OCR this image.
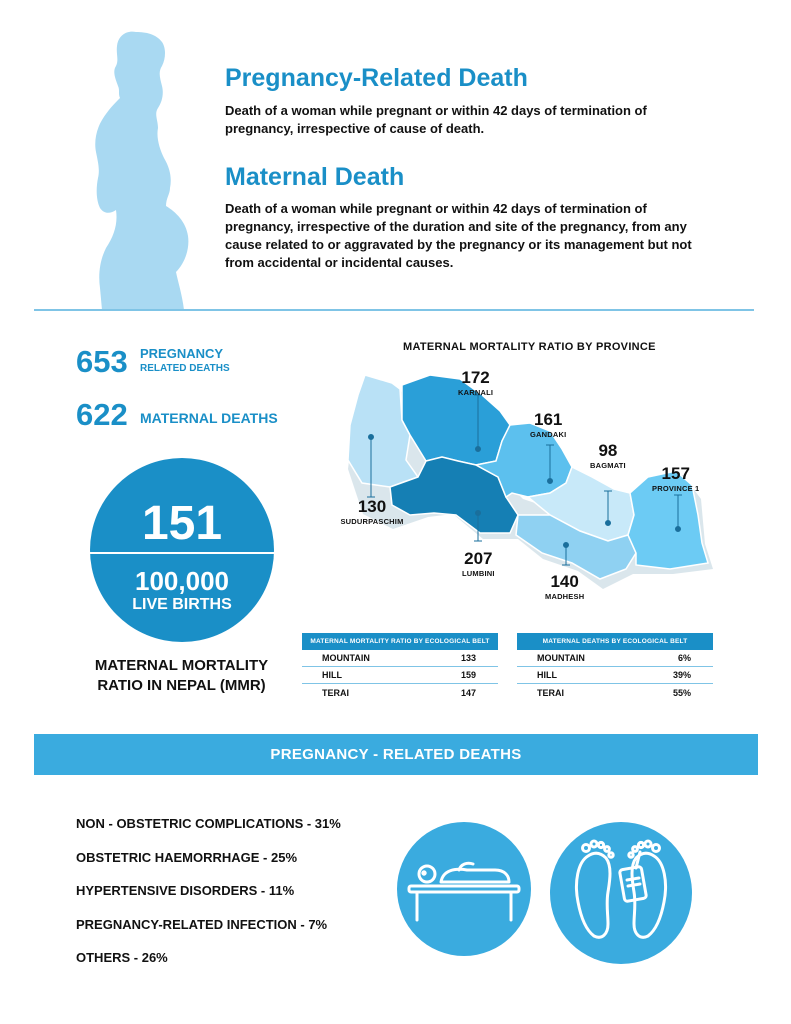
Pregnancy-Related Death
Death of a woman while pregnant or within 42 days of termination of pregnancy, irrespective of cause of death.
Maternal Death
Death of a woman while pregnant or within 42 days of termination of pregnancy, irrespective of the duration and site of the pregnancy, from any cause related to or aggravated by the pregnancy or its management but not from accidental or incidental causes.
653 PREGNANCY
RELATED DEATHS
622 MATERNAL DEATHS
151
100,000
LIVE BIRTHS
MATERNAL MORTALITY
RATIO IN NEPAL (MMR)
MATERNAL MORTALITY RATIO BY PROVINCE
172
KARNALI
161
GANDAKI
98
BAGMATI	157
PROVINCE 1
130
SUDURPASCHIM
207
LUMBINI	140
MADHESH
MATERNAL MORTALITY RATIO BY ECOLOGICAL BELT
MOUNTAIN	133
HILL	159
TERAI	147
MATERNAL DEATHS BY ECOLOGICAL BELT
MOUNTAIN	6%
HILL	39%
TERAI	55%
PREGNANCY - RELATED DEATHS
NON - OBSTETRIC COMPLICATIONS - 31%
OBSTETRIC HAEMORRHAGE - 25%
HYPERTENSIVE DISORDERS - 11%
PREGNANCY-RELATED INFECTION - 7%
OTHERS - 26%
